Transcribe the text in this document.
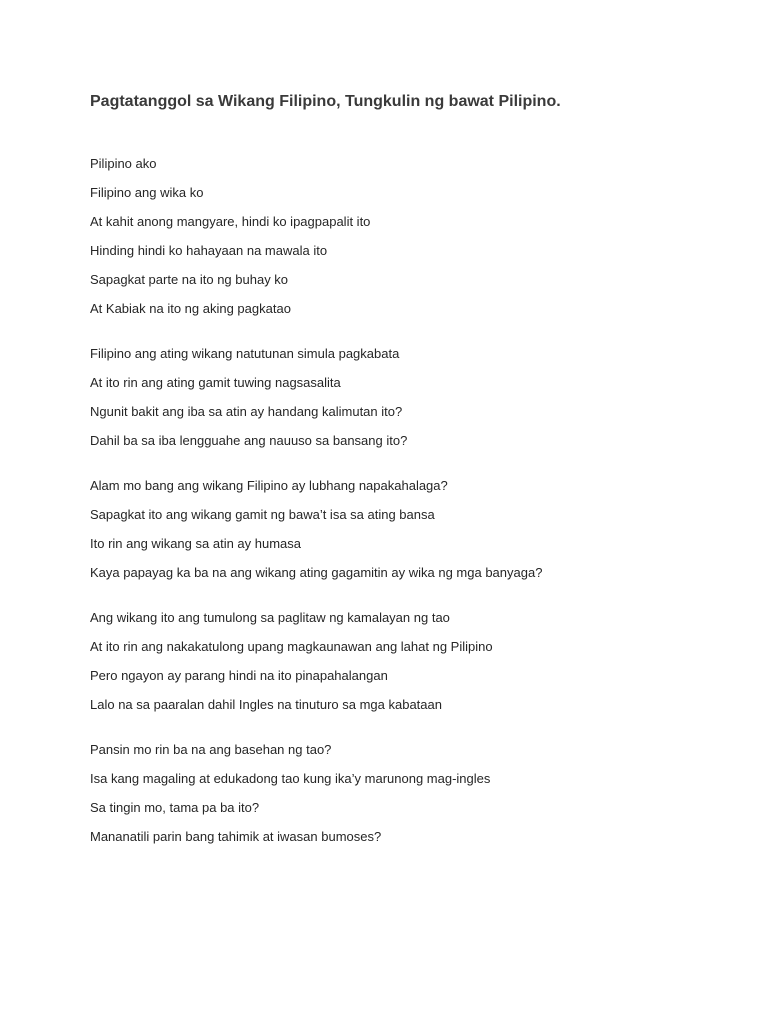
Pagtatanggol sa Wikang Filipino, Tungkulin ng bawat Pilipino.
Pilipino ako
Filipino ang wika ko
At kahit anong mangyare, hindi ko ipagpapalit ito
Hinding hindi ko hahayaan na mawala ito
Sapagkat parte na ito ng buhay ko
At Kabiak na ito ng aking pagkatao
Filipino ang ating wikang natutunan simula pagkabata
At ito rin ang ating gamit tuwing nagsasalita
Ngunit bakit ang iba sa atin ay handang kalimutan ito?
Dahil ba sa iba lengguahe ang nauuso sa bansang ito?
Alam mo bang ang wikang Filipino ay lubhang napakahalaga?
Sapagkat ito ang wikang gamit ng bawa’t isa sa ating bansa
Ito rin ang wikang sa atin ay humasa
Kaya papayag ka ba na ang wikang ating gagamitin ay wika ng mga banyaga?
Ang wikang ito ang tumulong sa paglitaw ng kamalayan ng tao
At ito rin ang nakakatulong upang magkaunawan ang lahat ng Pilipino
Pero ngayon ay parang hindi na ito pinapahalangan
Lalo na sa paaralan dahil Ingles na tinuturo sa mga kabataan
Pansin mo rin ba na ang basehan ng tao?
Isa kang magaling at edukadong tao kung ika’y marunong mag-ingles
Sa tingin mo, tama pa ba ito?
Mananatili parin bang tahimik at iwasan bumoses?
